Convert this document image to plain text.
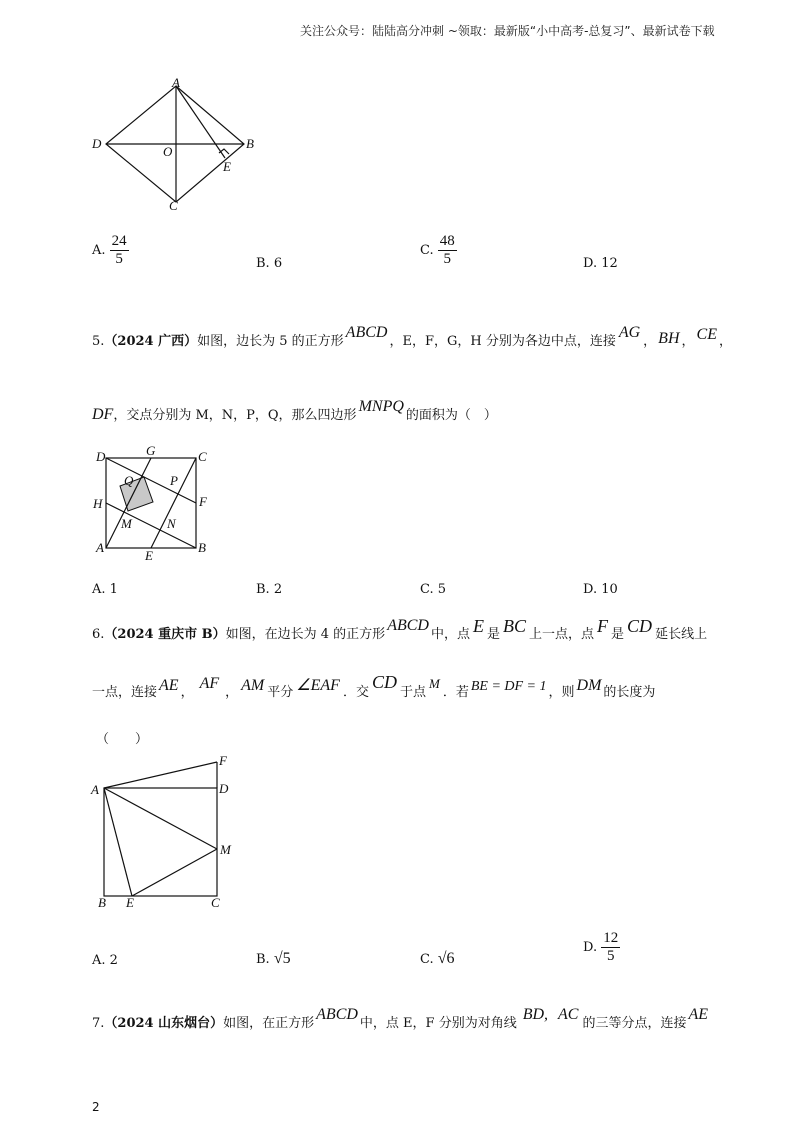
关注公众号：陆陆高分冲刺 ~领取：最新版“小中高考-总复习”、最新试卷下载
A
B
C
D
O
E
A. $\frac{24}{5}$	B. 6
C. $\frac{48}{5}$	D. 12
5.（2024 广西）如图，边长为 5 的正方形ABCD，E，F，G，H 分别为各边中点，连接AG， BH ， CE ，
DF，交点分别为 M，N，P，Q，那么四边形MNPQ的面积为（　）
A	B
C
D
E
F
G
H
M	N
P
Q
A. 1	B. 2	C. 5	D. 10
6.（2024 重庆市 B）如图，在边长为 4 的正方形ABCD中，点 E 是 BC 上一点，点 F 是 CD 延长线上
一点，连接 AE ，AF， AM 平分 ∠EAF ．交CD于点M．若 BE = DF = 1 ，则 DM 的长度为
（　　）
A
B	C
D
E
F
M
A. 2	B. √5	C. √6
D. $\frac{12}{5}$
7.（2024 山东烟台）如图，在正方形ABCD中，点 E，F 分别为对角线BD, AC的三等分点，连接AE
2
